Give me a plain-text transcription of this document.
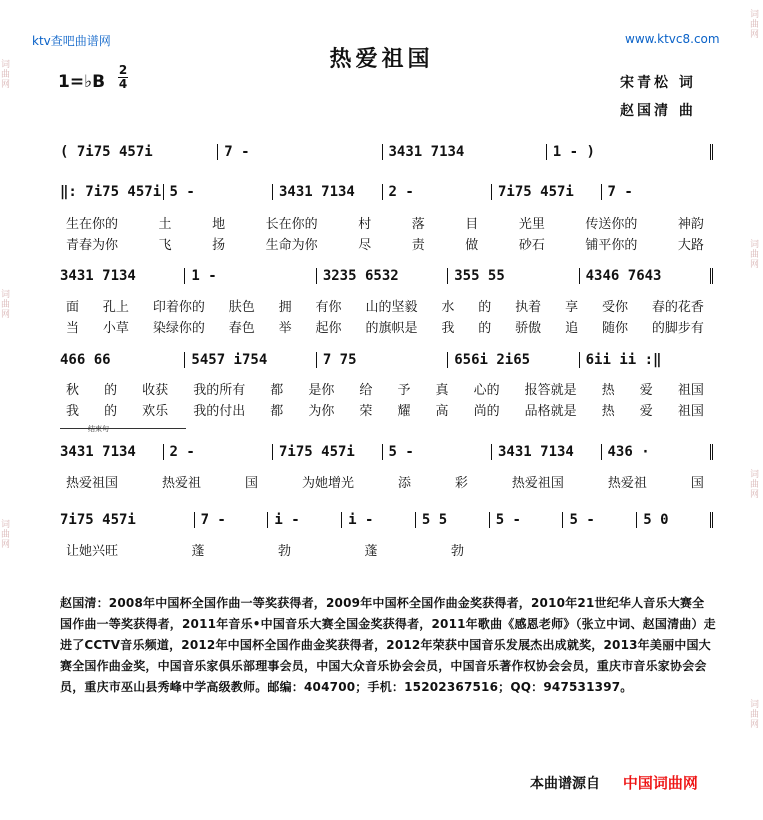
词曲网
词曲网
词曲网
词曲网
词曲网
词曲网
词曲网
ktv查吧曲谱网	www.ktvc8.com
热爱祖国
1=♭B
2
4	宋青松 词
赵国清 曲
( 7i75 457i	7 -	3431 7134	1 - )
‖: 7i75 457i 5 -	3431 7134	2 -	7i75 457i	7 -
生在你的	土	地	长在你的	村	落	目	光里	传送你的	神韵
青春为你	飞	扬	生命为你	尽	责	做	砂石	铺平你的	大路
3431 7134	1 -	3235 6532	355 55	4346 7643
面 孔上 印着你的 肤色 拥 有你 山的坚毅 水 的 执着 享 受你 春的花香
当 小草 染绿你的 春色 举 起你 的旗帜是 我 的 骄傲 追 随你 的脚步有
466 66	5457 i754	7 75	656i 2i65	6ii ii :‖
秋 的 收获 我的所有 都 是你 给 予 真 心的 报答就是 热 爱 祖国
我 的 欢乐 我的付出 都 为你 荣 耀 高 尚的 品格就是 热 爱 祖国
结束句
3431 7134	2 -	7i75 457i	5 -	3431 7134	436 ·
热爱祖国	热爱祖	国	为她增光	添	彩	热爱祖国	热爱祖	国
7i75 457i	7 -	i -	i -	5 5	5 -	5 -	5 0
让她兴旺	蓬	勃	蓬	勃
赵国清：2008年中国杯全国作曲一等奖获得者，2009年中国杯全国作曲金奖获得者，2010年21世纪华人音乐大赛全国作曲一等奖获得者，2011年音乐•中国音乐大赛全国金奖获得者，2011年歌曲《感恩老师》（张立中词、赵国清曲）走进了CCTV音乐频道，2012年中国杯全国作曲金奖获得者，2012年荣获中国音乐发展杰出成就奖，2013年美丽中国大赛全国作曲金奖，中国音乐家俱乐部理事会员，中国大众音乐协会会员，中国音乐著作权协会会员，重庆市音乐家协会会员，重庆市巫山县秀峰中学高级教师。邮编：404700；手机：15202367516；QQ：947531397。
本曲谱源自 中国词曲网
